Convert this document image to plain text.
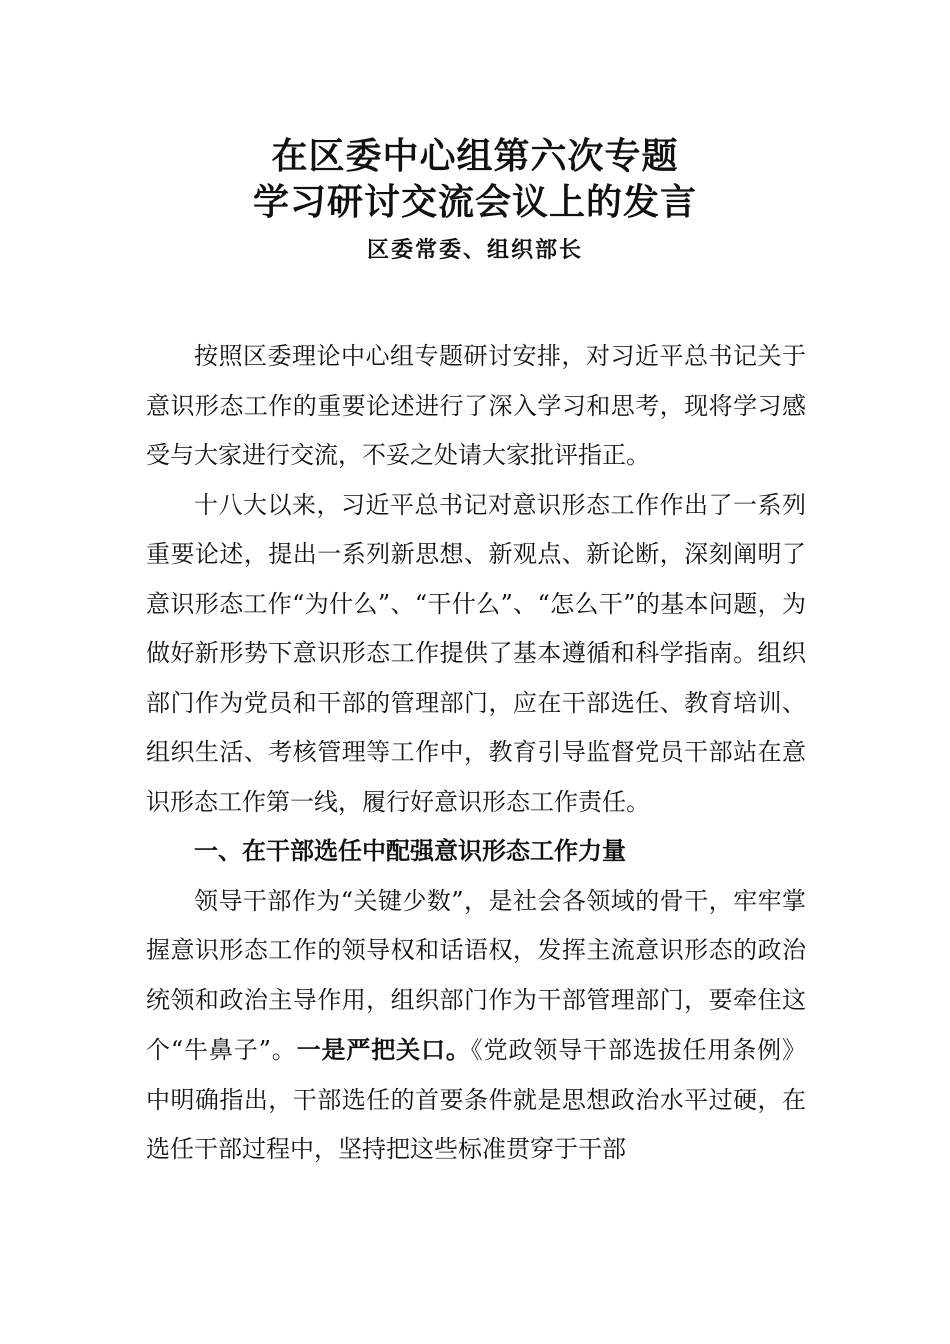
在区委中心组第六次专题
学习研讨交流会议上的发言
区委常委、组织部长

按照区委理论中心组专题研讨安排，对习近平总书记关于意识形态工作的重要论述进行了深入学习和思考，现将学习感受与大家进行交流，不妥之处请大家批评指正。

十八大以来，习近平总书记对意识形态工作作出了一系列重要论述，提出一系列新思想、新观点、新论断，深刻阐明了意识形态工作“为什么”、“干什么”、“怎么干”的基本问题，为做好新形势下意识形态工作提供了基本遵循和科学指南。组织部门作为党员和干部的管理部门，应在干部选任、教育培训、组织生活、考核管理等工作中，教育引导监督党员干部站在意识形态工作第一线，履行好意识形态工作责任。

一、在干部选任中配强意识形态工作力量

领导干部作为“关键少数”，是社会各领域的骨干，牢牢掌握意识形态工作的领导权和话语权，发挥主流意识形态的政治统领和政治主导作用，组织部门作为干部管理部门，要牵住这个“牛鼻子”。一是严把关口。《党政领导干部选拔任用条例》中明确指出，干部选任的首要条件就是思想政治水平过硬，在选任干部过程中，坚持把这些标准贯穿于干部
